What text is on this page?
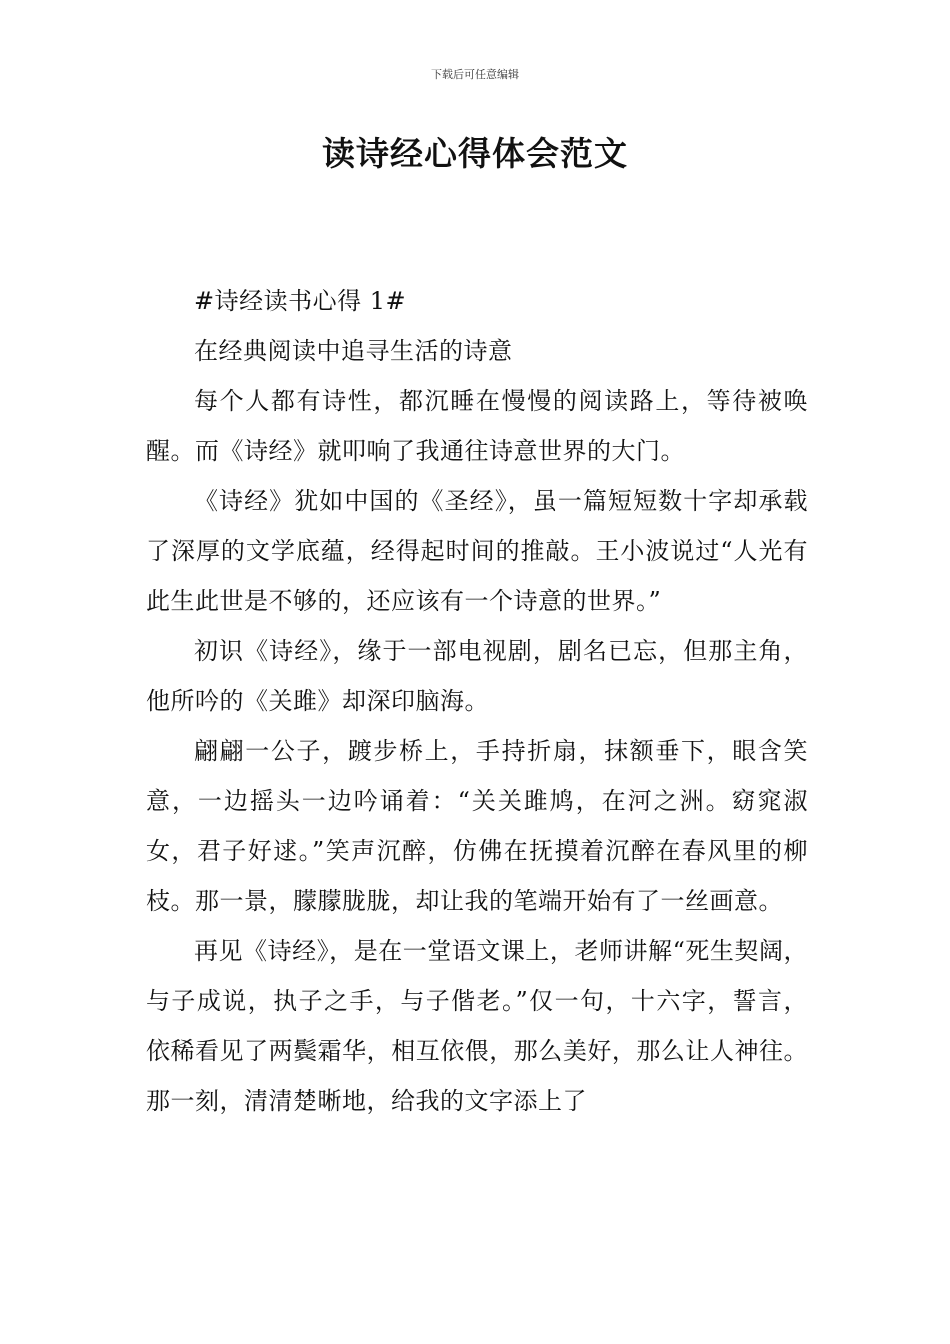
下载后可任意编辑
读诗经心得体会范文

#诗经读书心得 1#

在经典阅读中追寻生活的诗意

每个人都有诗性，都沉睡在慢慢的阅读路上，等待被唤醒。而《诗经》就叩响了我通往诗意世界的大门。

《诗经》犹如中国的《圣经》，虽一篇短短数十字却承载了深厚的文学底蕴，经得起时间的推敲。王小波说过“人光有此生此世是不够的，还应该有一个诗意的世界。”

初识《诗经》，缘于一部电视剧，剧名已忘，但那主角，他所吟的《关雎》却深印脑海。

翩翩一公子，踱步桥上，手持折扇，抹额垂下，眼含笑意，一边摇头一边吟诵着：“关关雎鸠，在河之洲。窈窕淑女，君子好逑。”笑声沉醉，仿佛在抚摸着沉醉在春风里的柳枝。那一景，朦朦胧胧，却让我的笔端开始有了一丝画意。

再见《诗经》，是在一堂语文课上，老师讲解“死生契阔，与子成说，执子之手，与子偕老。”仅一句，十六字，誓言，依稀看见了两鬓霜华，相互依偎，那么美好，那么让人神往。那一刻，清清楚晰地，给我的文字添上了
